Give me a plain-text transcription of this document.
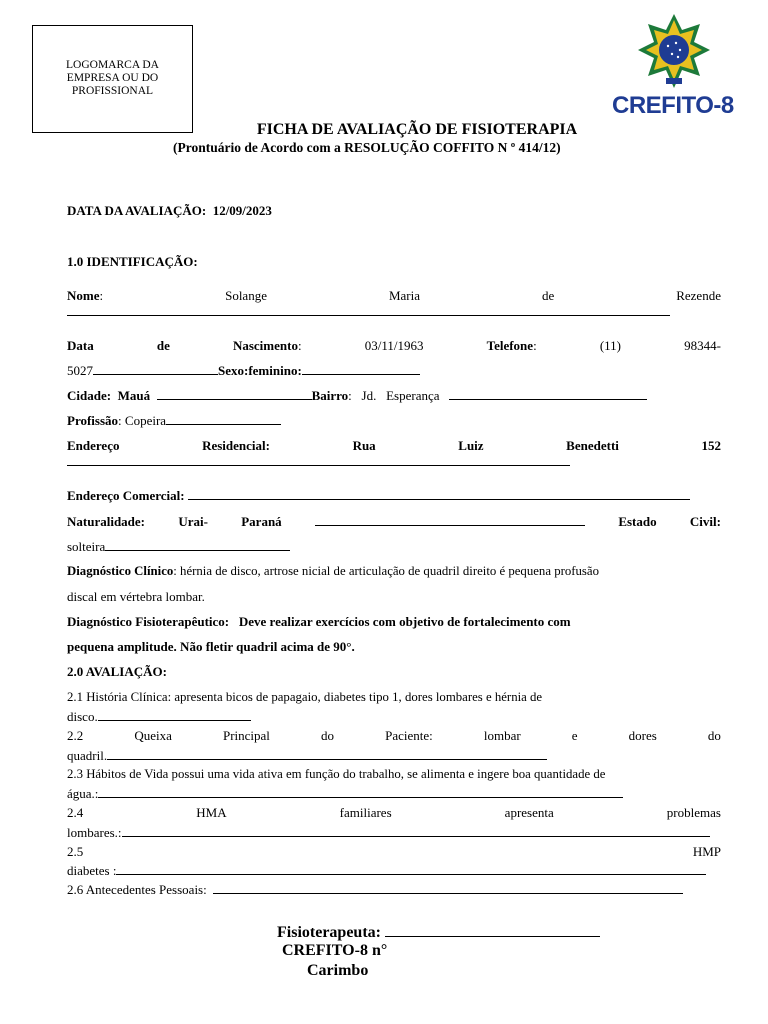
LOGOMARCA DA EMPRESA OU DO PROFISSIONAL
CREFITO-8
FICHA DE AVALIAÇÃO DE FISIOTERAPIA
(Prontuário de Acordo com a RESOLUÇÃO COFFITO N º 414/12)
DATA DA AVALIAÇÃO: 12/09/2023
1.0 IDENTIFICAÇÃO:
Nome:	Solange	Maria	de	Rezende
Data	de	Nascimento:	03/11/1963	Telefone:	(11)	98344-
5027	Sexo:feminino:
Cidade: Mauá	Bairro:   Jd. Esperança
Profissão: Copeira
Endereço	Residencial:	Rua	Luiz	Benedetti	152
Endereço Comercial:
Naturalidade:	Urai-	Paraná	Estado	Civil:
solteira
Diagnóstico Clínico: hérnia de disco, artrose nicial de articulação de quadril direito é pequena profusão
discal em vértebra lombar.
Diagnóstico Fisioterapêutico: Deve realizar exercícios com objetivo de fortalecimento com
pequena amplitude. Não fletir quadril acima de 90°.
2.0 AVALIAÇÃO:
2.1 História Clínica: apresenta bicos de papagaio, diabetes tipo 1, dores lombares e hérnia de
disco.
2.2	Queixa	Principal	do	Paciente:	lombar	e	dores	do
quadril.
2.3 Hábitos de Vida possui uma vida ativa em função do trabalho, se alimenta e ingere boa quantidade de
água.:
2.4	HMA	familiares	apresenta	problemas
lombares.:
2.5	HMP
diabetes :
2.6 Antecedentes Pessoais:
Fisioterapeuta:
CREFITO-8 n°
Carimbo
